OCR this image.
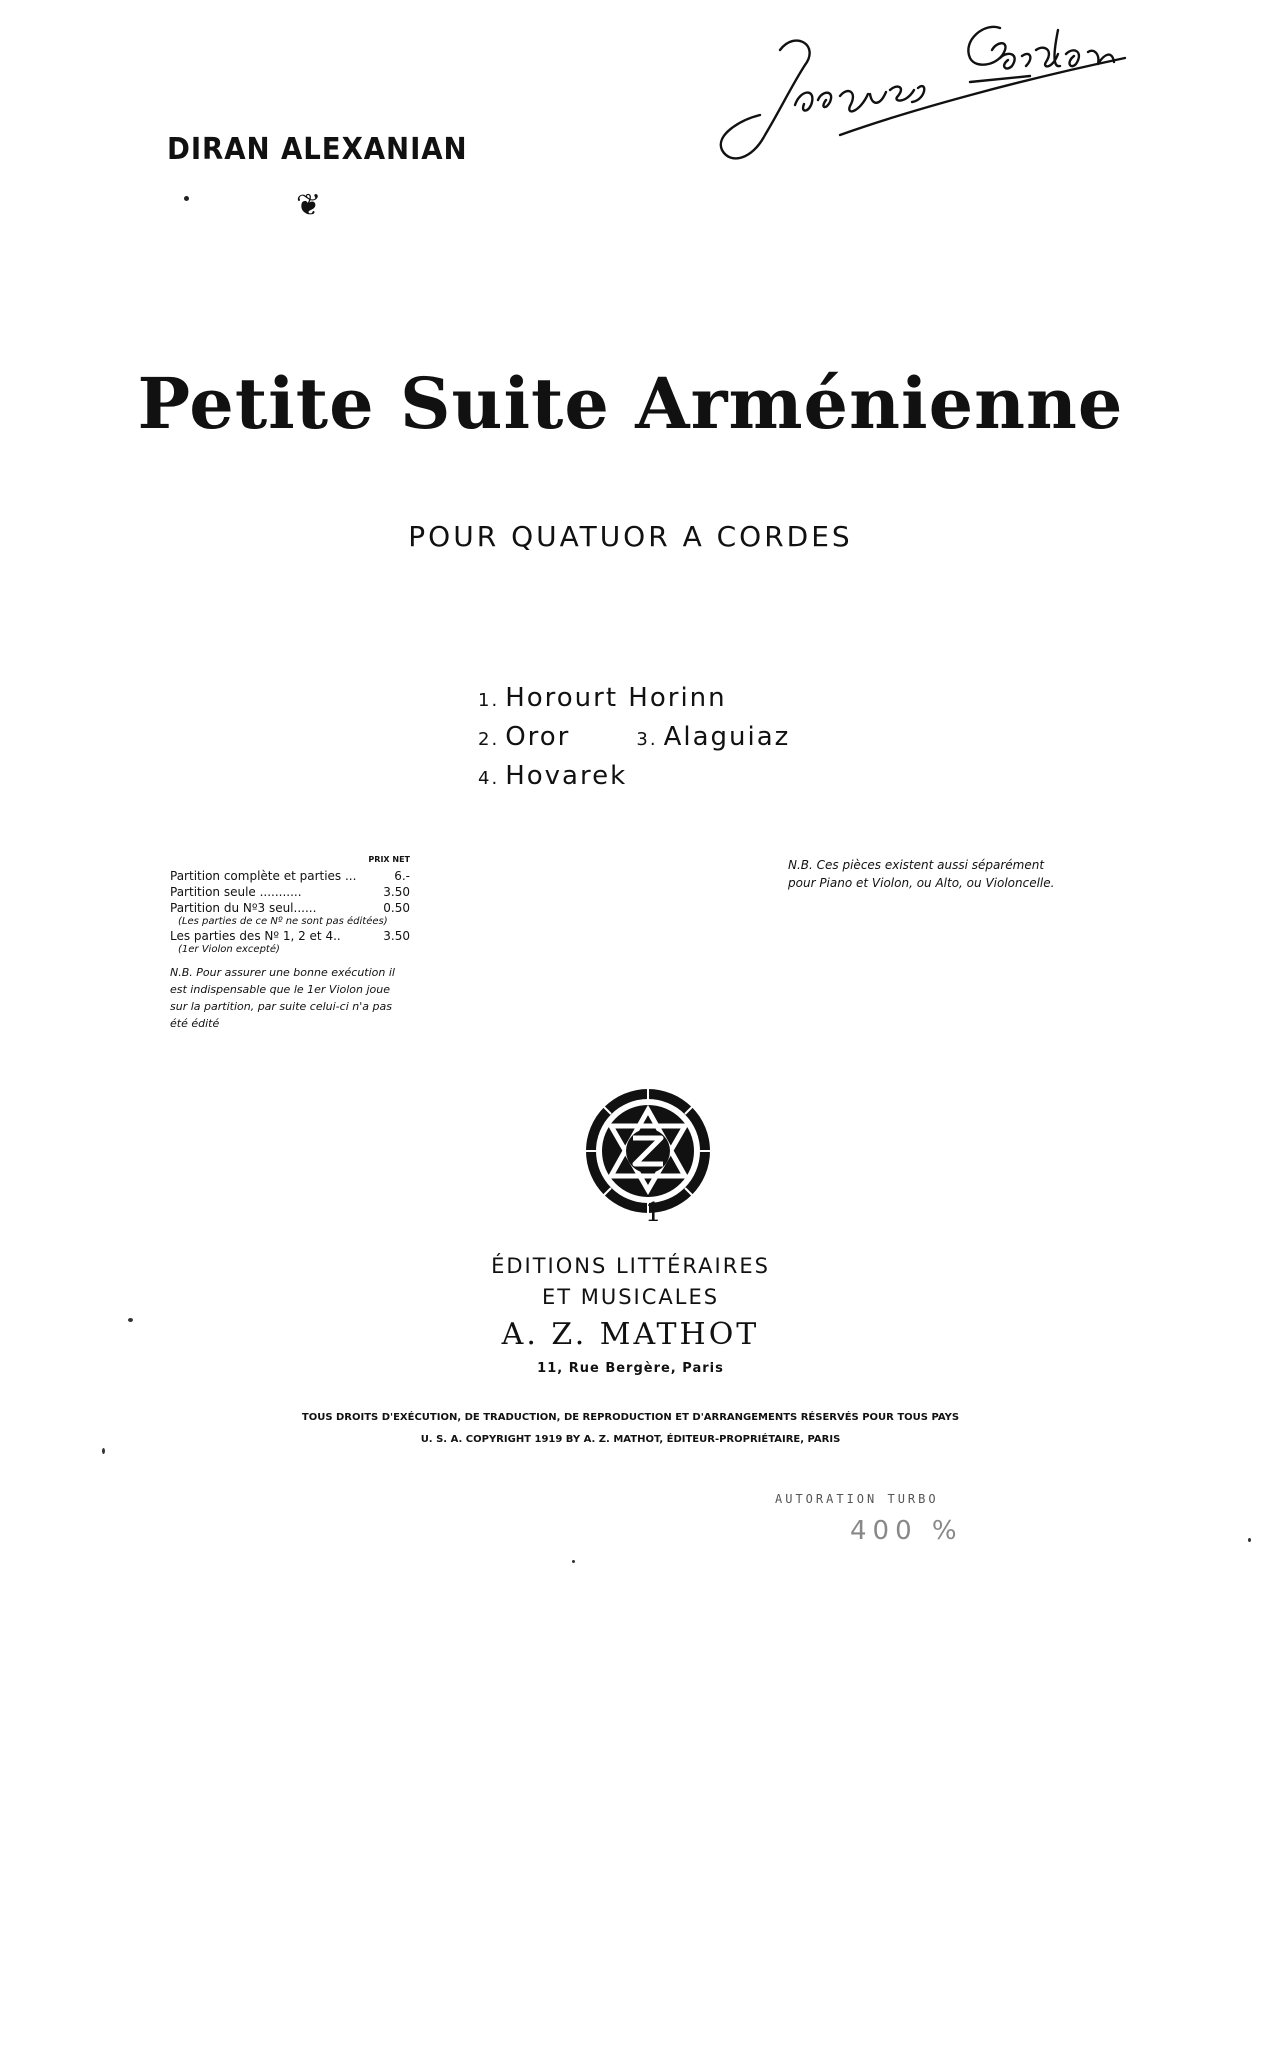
DIRAN ALEXANIAN
❦
Petite Suite Arménienne
POUR QUATUOR A CORDES
1. Horourt Horinn
2. Oror	3. Alaguiaz
4. Hovarek
PRIX NET
Partition complète et parties ...	6.-
Partition seule ...........	3.50
Partition du Nº3 seul......	0.50
(Les parties de ce Nº ne sont pas éditées)
Les parties des Nº 1, 2 et 4..	3.50
(1er Violon excepté)
N.B. Pour assurer une bonne exécution il est indispensable que le 1er Violon joue sur la partition, par suite celui-ci n'a pas été édité
N.B. Ces pièces existent aussi séparément pour Piano et Violon, ou Alto, ou Violoncelle.
1
ÉDITIONS LITTÉRAIRES
ET MUSICALES
A. Z. MATHOT
11, Rue Bergère, Paris
TOUS DROITS D'EXÉCUTION, DE TRADUCTION, DE REPRODUCTION ET D'ARRANGEMENTS RÉSERVÉS POUR TOUS PAYS
U. S. A. COPYRIGHT 1919 BY A. Z. MATHOT, ÉDITEUR-PROPRIÉTAIRE, PARIS
AUTORATION TURBO
400 %
